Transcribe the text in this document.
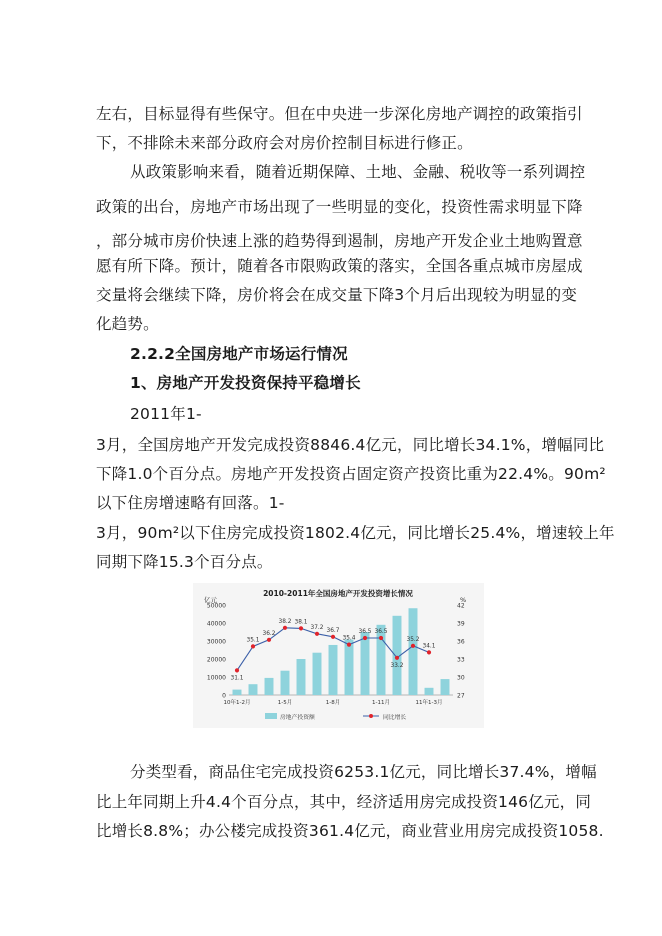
左右，目标显得有些保守。但在中央进一步深化房地产调控的政策指引
下，不排除未来部分政府会对房价控制目标进行修正。
从政策影响来看，随着近期保障、土地、金融、税收等一系列调控
政策的出台，房地产市场出现了一些明显的变化，投资性需求明显下降
，部分城市房价快速上涨的趋势得到遏制，房地产开发企业土地购置意
愿有所下降。预计，随着各市限购政策的落实，全国各重点城市房屋成
交量将会继续下降，房价将会在成交量下降3个月后出现较为明显的变
化趋势。
2.2.2全国房地产市场运行情况
1、房地产开发投资保持平稳增长
2011年1-
3月，全国房地产开发完成投资8846.4亿元，同比增长34.1%，增幅同比
下降1.0个百分点。房地产开发投资占固定资产投资比重为22.4%。90m²
以下住房增速略有回落。1-
3月，90m²以下住房完成投资1802.4亿元，同比增长25.4%，增速较上年
同期下降15.3个百分点。
2010-2011年全国房地产开发投资增长情况
亿元	%
0
10000
20000
30000
40000
50000
27
30
33
36
39
42
31.1
35.1
36.2
38.2 38.1
37.2 36.7
35.4
36.5 36.5
33.2
35.2
34.1
10年1-2月	1-5月	1-8月	1-11月	11年1-3月
房地产投资额	同比增长
分类型看，商品住宅完成投资6253.1亿元，同比增长37.4%，增幅
比上年同期上升4.4个百分点，其中，经济适用房完成投资146亿元，同
比增长8.8%；办公楼完成投资361.4亿元，商业营业用房完成投资1058.
